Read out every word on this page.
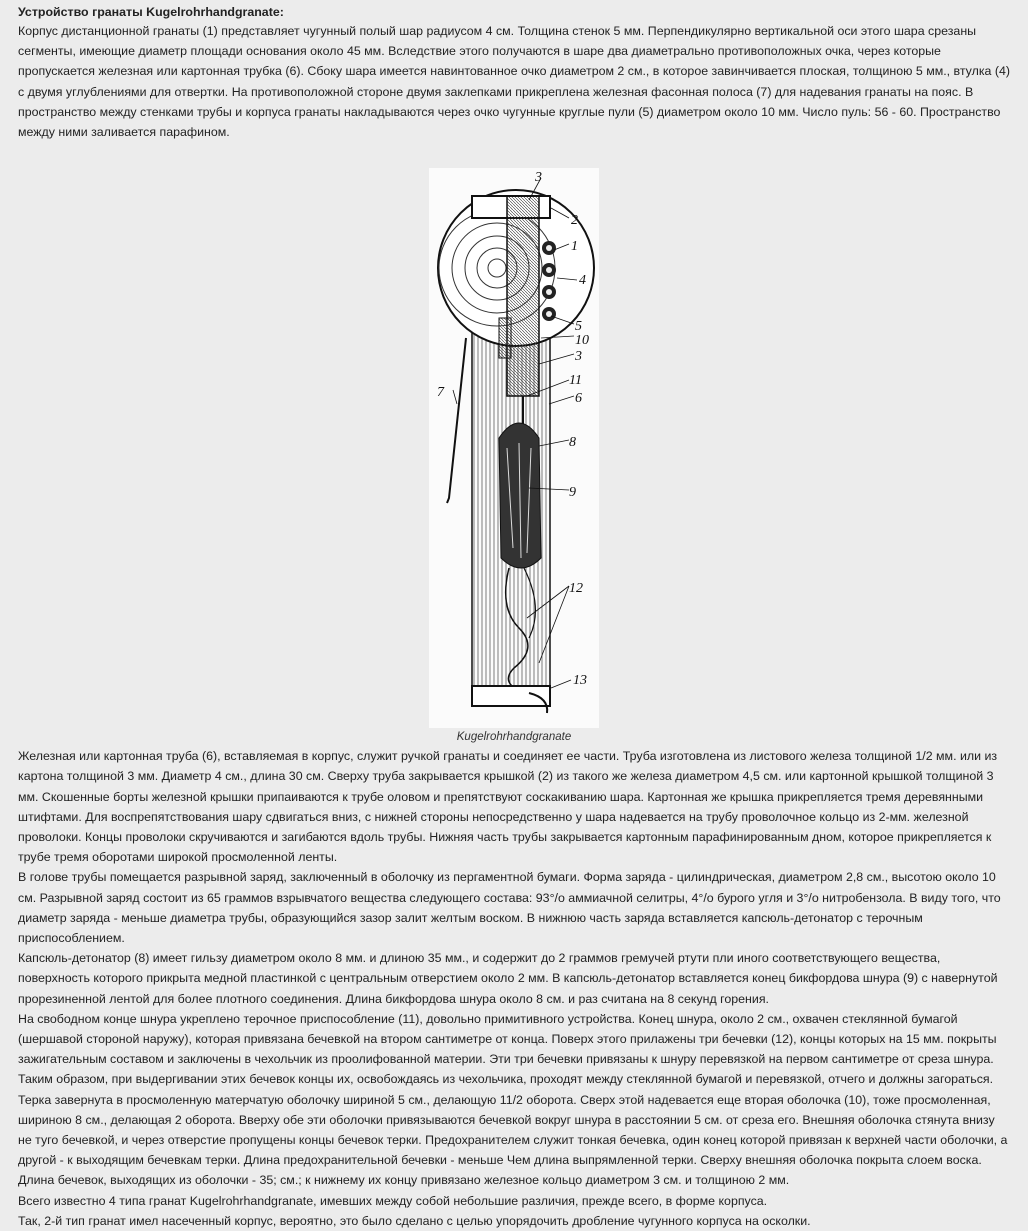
Устройство гранаты Kugelrohrhandgranate:

Корпус дистанционной гранаты (1) представляет чугунный полый шар радиусом 4 см. Толщина стенок 5 мм. Перпендикулярно вертикальной оси этого шара срезаны сегменты, имеющие диаметр площади основания около 45 мм. Вследствие этого получаются в шаре два диаметрально противоположных очка, через которые пропускается железная или картонная трубка (6). Сбоку шара имеется навинтованное очко диаметром 2 см., в которое завинчивается плоская, толщиною 5 мм., втулка (4) с двумя углублениями для отвертки. На противоположной стороне двумя заклепками прикреплена железная фасонная полоса (7) для надевания гранаты на пояс. В пространство между стенками трубы и корпуса гранаты накладываются через очко чугунные круглые пули (5) диаметром около 10 мм. Число пуль: 56 - 60. Пространство между ними заливается парафином.

3
2
1
4
5
10
3
11
6
7
8
9
12
13
Kugelrohrhandgranate

Железная или картонная труба (6), вставляемая в корпус, служит ручкой гранаты и соединяет ее части. Труба изготовлена из листового железа толщиной 1/2 мм. или из картона толщиной 3 мм. Диаметр 4 см., длина 30 см. Сверху труба закрывается крышкой (2) из такого же железа диаметром 4,5 см. или картонной крышкой толщиной 3 мм. Скошенные борты железной крышки припаиваются к трубе оловом и препятствуют соскакиванию шара. Картонная же крышка прикрепляется тремя деревянными штифтами. Для воспрепятствования шару сдвигаться вниз, с нижней стороны непосредственно у шара надевается на трубу проволочное кольцо из 2-мм. железной проволоки. Концы проволоки скручиваются и загибаются вдоль трубы. Нижняя часть трубы закрывается картонным парафинированным дном, которое прикрепляется к трубе тремя оборотами широкой просмоленной ленты.

В голове трубы помещается разрывной заряд, заключенный в оболочку из пергаментной бумаги. Форма заряда - цилиндрическая, диаметром 2,8 см., высотою около 10 см. Разрывной заряд состоит из 65 граммов взрывчатого вещества следующего состава: 93°/о аммиачной селитры, 4°/о бурого угля и 3°/о нитробензола. В виду того, что диаметр заряда - меньше диаметра трубы, образующийся зазор залит желтым воском. В нижнюю часть заряда вставляется капсюль-детонатор с терочным приспособлением.

Капсюль-детонатор (8) имеет гильзу диаметром около 8 мм. и длиною 35 мм., и содержит до 2 граммов гремучей ртути пли иного соответствующего вещества, поверхность которого прикрыта медной пластинкой с центральным отверстием около 2 мм. В капсюль-детонатор вставляется конец бикфордова шнура (9) с навернутой прорезиненной лентой для более плотного соединения. Длина бикфордова шнура около 8 см. и раз считана на 8 секунд горения.

На свободном конце шнура укреплено терочное приспособление (11), довольно примитивного устройства. Конец шнура, около 2 см., охвачен стеклянной бумагой (шершавой стороной наружу), которая привязана бечевкой на втором сантиметре от конца. Поверх этого прилажены три бечевки (12), концы которых на 15 мм. покрыты зажигательным составом и заключены в чехольчик из проолифованной материи. Эти три бечевки привязаны к шнуру перевязкой на первом сантиметре от среза шнура. Таким образом, при выдергивании этих бечевок концы их, освобождаясь из чехольчика, проходят между стеклянной бумагой и перевязкой, отчего и должны загораться. Терка завернута в просмоленную матерчатую оболочку шириной 5 см., делающую 11/2 оборота. Сверх этой надевается еще вторая оболочка (10), тоже просмоленная, шириною 8 см., делающая 2 оборота. Вверху обе эти оболочки привязываются бечевкой вокруг шнура в расстоянии 5 см. от среза его. Внешняя оболочка стянута внизу не туго бечевкой, и через отверстие пропущены концы бечевок терки. Предохранителем служит тонкая бечевка, один конец которой привязан к верхней части оболочки, а другой - к выходящим бечевкам терки. Длина предохранительной бечевки - меньше Чем длина выпрямленной терки. Сверху внешняя оболочка покрыта слоем воска. Длина бечевок, выходящих из оболочки - 35; см.; к нижнему их концу привязано железное кольцо диаметром 3 см. и толщиною 2 мм.

Всего известно 4 типа гранат Kugelrohrhandgranate, имевших между собой небольшие различия, прежде всего, в форме корпуса.

Так, 2-й тип гранат имел насеченный корпус, вероятно, это было сделано с целью упорядочить дробление чугунного корпуса на осколки.
